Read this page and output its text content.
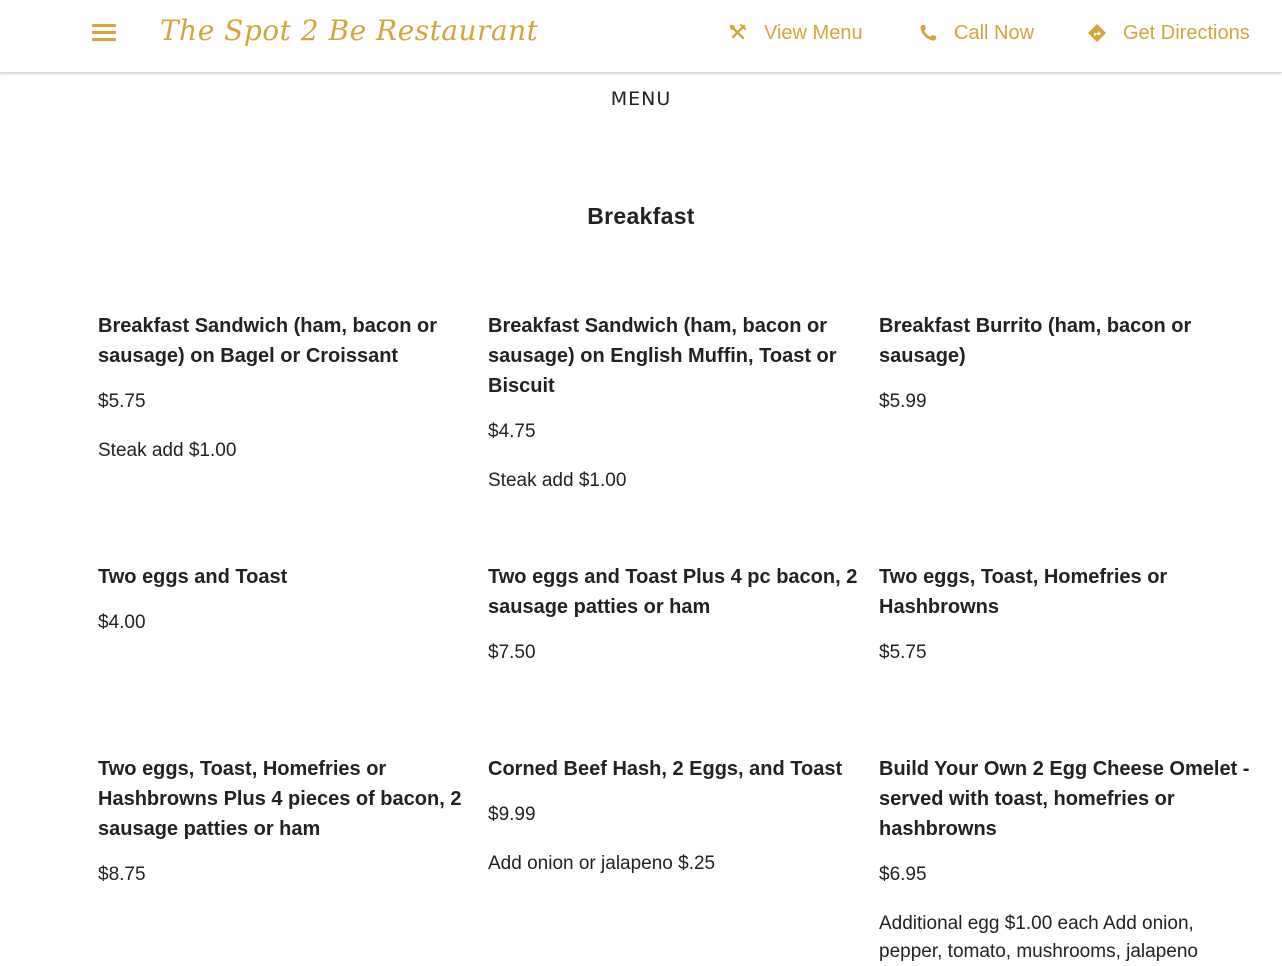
The Spot 2 Be Restaurant	View Menu	Call Now	Get Directions
MENU
Breakfast
Breakfast Sandwich (ham, bacon or sausage) on Bagel or Croissant
$5.75
Steak add $1.00
Breakfast Sandwich (ham, bacon or sausage) on English Muffin, Toast or Biscuit
$4.75
Steak add $1.00
Breakfast Burrito (ham, bacon or sausage)
$5.99
Two eggs and Toast
$4.00
Two eggs and Toast Plus 4 pc bacon, 2 sausage patties or ham
$7.50
Two eggs, Toast, Homefries or Hashbrowns
$5.75
Two eggs, Toast, Homefries or Hashbrowns Plus 4 pieces of bacon, 2 sausage patties or ham
$8.75
Corned Beef Hash, 2 Eggs, and Toast
$9.99
Add onion or jalapeno $.25
Build Your Own 2 Egg Cheese Omelet - served with toast, homefries or hashbrowns
$6.95
Additional egg $1.00 each Add onion, pepper, tomato, mushrooms, jalapeno
